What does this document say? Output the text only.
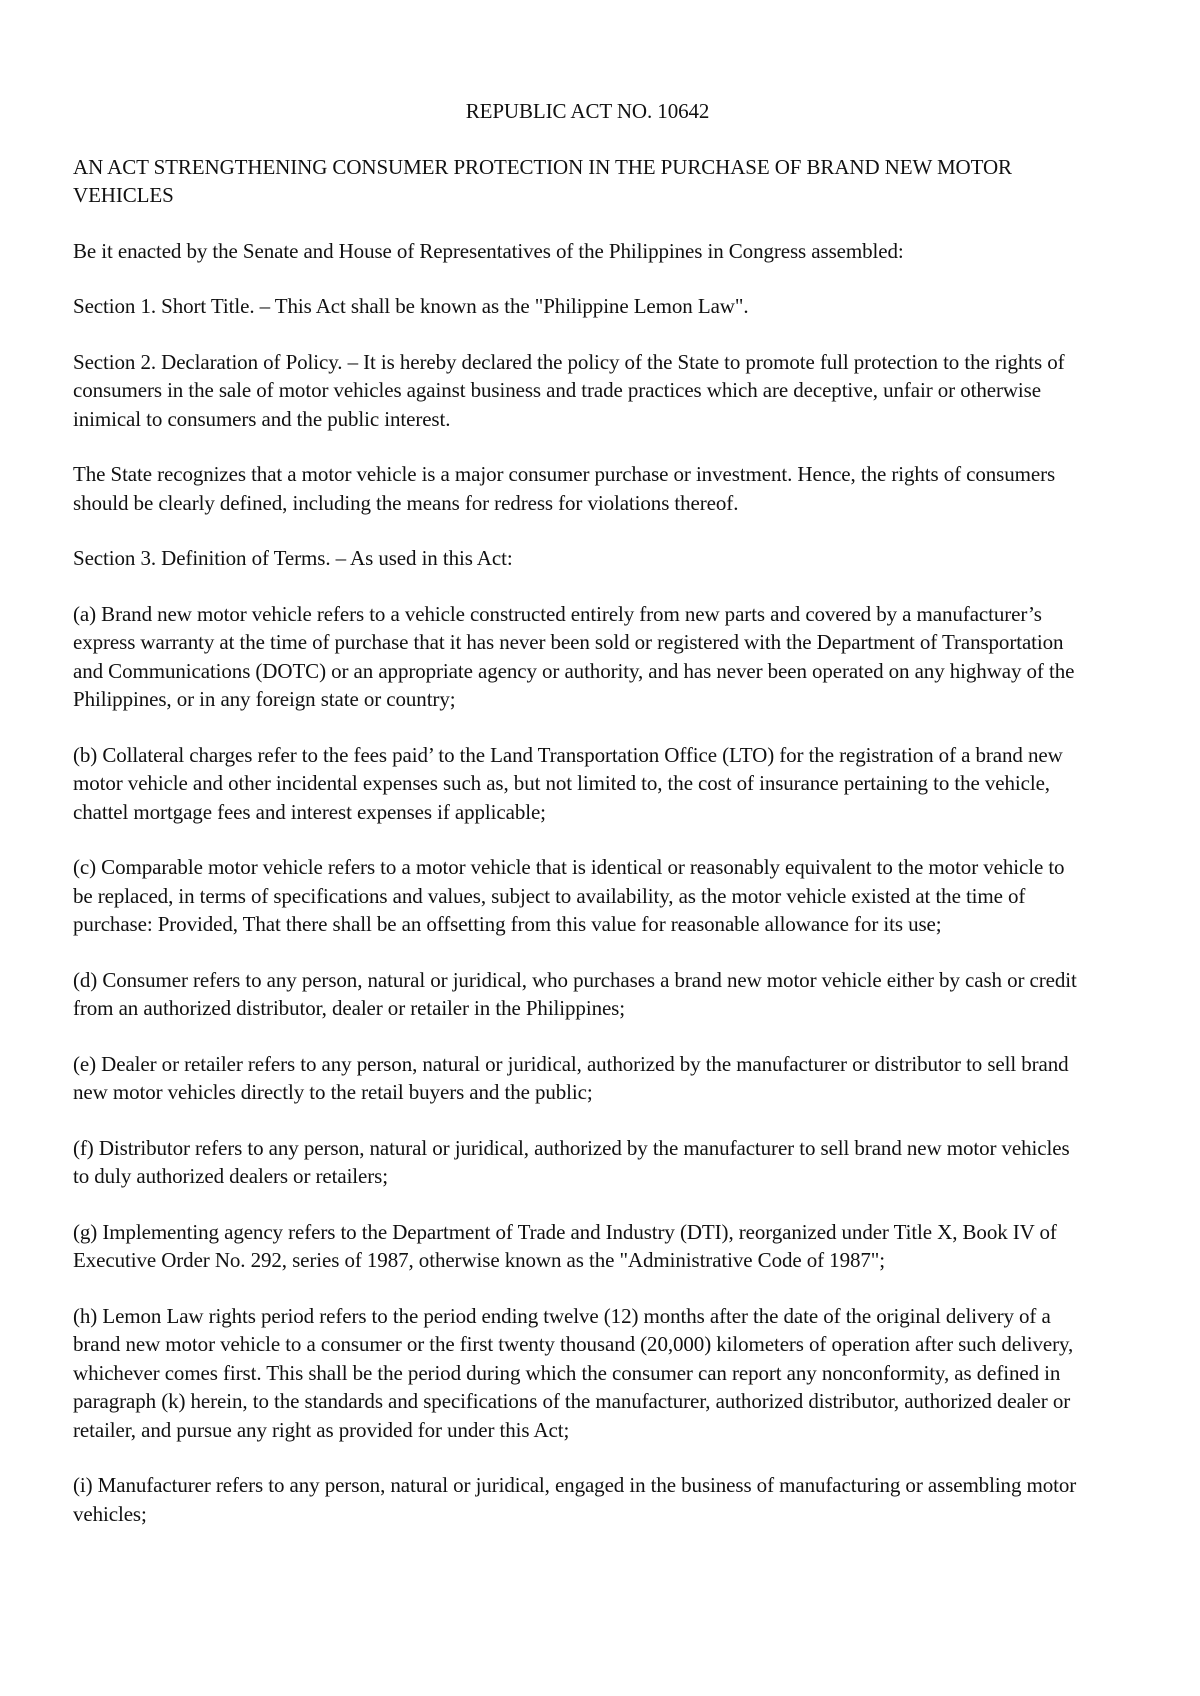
REPUBLIC ACT NO. 10642
AN ACT STRENGTHENING CONSUMER PROTECTION IN THE PURCHASE OF BRAND NEW MOTOR VEHICLES
Be it enacted by the Senate and House of Representatives of the Philippines in Congress assembled:
Section 1. Short Title. – This Act shall be known as the "Philippine Lemon Law".
Section 2. Declaration of Policy. – It is hereby declared the policy of the State to promote full protection to the rights of consumers in the sale of motor vehicles against business and trade practices which are deceptive, unfair or otherwise inimical to consumers and the public interest.
The State recognizes that a motor vehicle is a major consumer purchase or investment. Hence, the rights of consumers should be clearly defined, including the means for redress for violations thereof.
Section 3. Definition of Terms. – As used in this Act:
(a) Brand new motor vehicle refers to a vehicle constructed entirely from new parts and covered by a manufacturer’s express warranty at the time of purchase that it has never been sold or registered with the Department of Transportation and Communications (DOTC) or an appropriate agency or authority, and has never been operated on any highway of the Philippines, or in any foreign state or country;
(b) Collateral charges refer to the fees paid’ to the Land Transportation Office (LTO) for the registration of a brand new motor vehicle and other incidental expenses such as, but not limited to, the cost of insurance pertaining to the vehicle, chattel mortgage fees and interest expenses if applicable;
(c) Comparable motor vehicle refers to a motor vehicle that is identical or reasonably equivalent to the motor vehicle to be replaced, in terms of specifications and values, subject to availability, as the motor vehicle existed at the time of purchase: Provided, That there shall be an offsetting from this value for reasonable allowance for its use;
(d) Consumer refers to any person, natural or juridical, who purchases a brand new motor vehicle either by cash or credit from an authorized distributor, dealer or retailer in the Philippines;
(e) Dealer or retailer refers to any person, natural or juridical, authorized by the manufacturer or distributor to sell brand new motor vehicles directly to the retail buyers and the public;
(f) Distributor refers to any person, natural or juridical, authorized by the manufacturer to sell brand new motor vehicles to duly authorized dealers or retailers;
(g) Implementing agency refers to the Department of Trade and Industry (DTI), reorganized under Title X, Book IV of Executive Order No. 292, series of 1987, otherwise known as the "Administrative Code of 1987";
(h) Lemon Law rights period refers to the period ending twelve (12) months after the date of the original delivery of a brand new motor vehicle to a consumer or the first twenty thousand (20,000) kilometers of operation after such delivery, whichever comes first. This shall be the period during which the consumer can report any nonconformity, as defined in paragraph (k) herein, to the standards and specifications of the manufacturer, authorized distributor, authorized dealer or retailer, and pursue any right as provided for under this Act;
(i) Manufacturer refers to any person, natural or juridical, engaged in the business of manufacturing or assembling motor vehicles;
